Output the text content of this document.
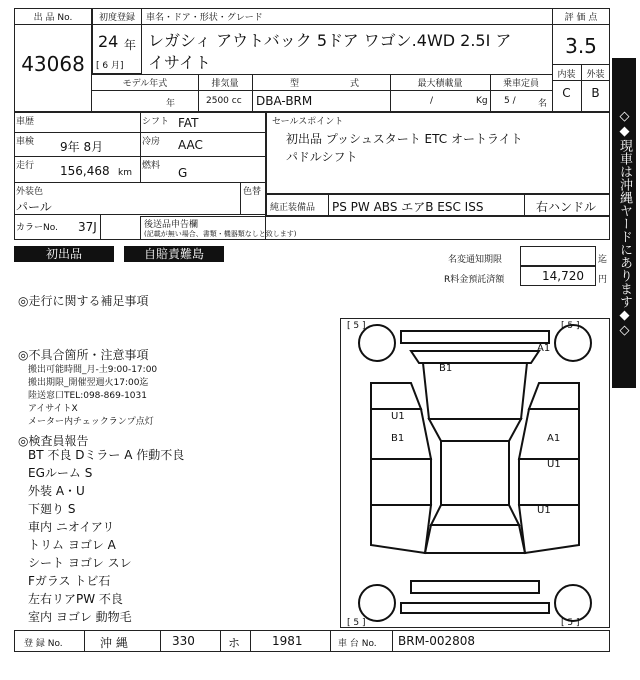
出 品 No.
43068
初度登録
24 年
[ 6 月]
車名・ドア・形状・グレード
レガシィ アウトバック 5ドア ワゴン.4WD 2.5I ア
イサイト
評 価 点
3.5
内装	外装
C	B
モデル年式
年
排気量
2500 cc
型	式
DBA-BRM
最大積載量
/	Kg
乗車定員
5 / 名
車歴	シフト FAT
車検 9年 8月	冷房 AAC
走行 156,468 km
燃料 G
外装色
パール
色替
カラーNo. 37J
セールスポイント
初出品 プッシュスタート ETC オートライト
パドルシフト
純正装備品 PS PW ABS エアB ESC ISS	右ハンドル
後送品申告欄
(記載が無い場合、書類・機器類なしと致します)
初出品	自賠責難島	名変通知期限	迄
R料金預託済額	14,720 円
◎走行に関する補足事項
◎不具合箇所・注意事項
搬出可能時間_月-土9:00-17:00
搬出期限_開催翌週火17:00迄
陸送窓口TEL:098-869-1031
アイサイトX
メーター内チェックランプ点灯
◎検査員報告
BT 不良 Dミラー A 作動不良
EGルーム S
外装 A・U
下廻り S
車内 ニオイアリ
トリム ヨゴレ A
シート ヨゴレ スレ
Fガラス トビ石
左右リアPW 不良
室内 ヨゴレ 動物毛
[ 5 ]	[ 5 ]
[ 5 ]	[ 5 ]
A1
B1
U1
B1	A1
U1
U1
登 録 No.	沖 縄	330	ホ	1981	車 台 No. BRM-002808
◇◆現車は沖縄ヤードにあります◆◇
